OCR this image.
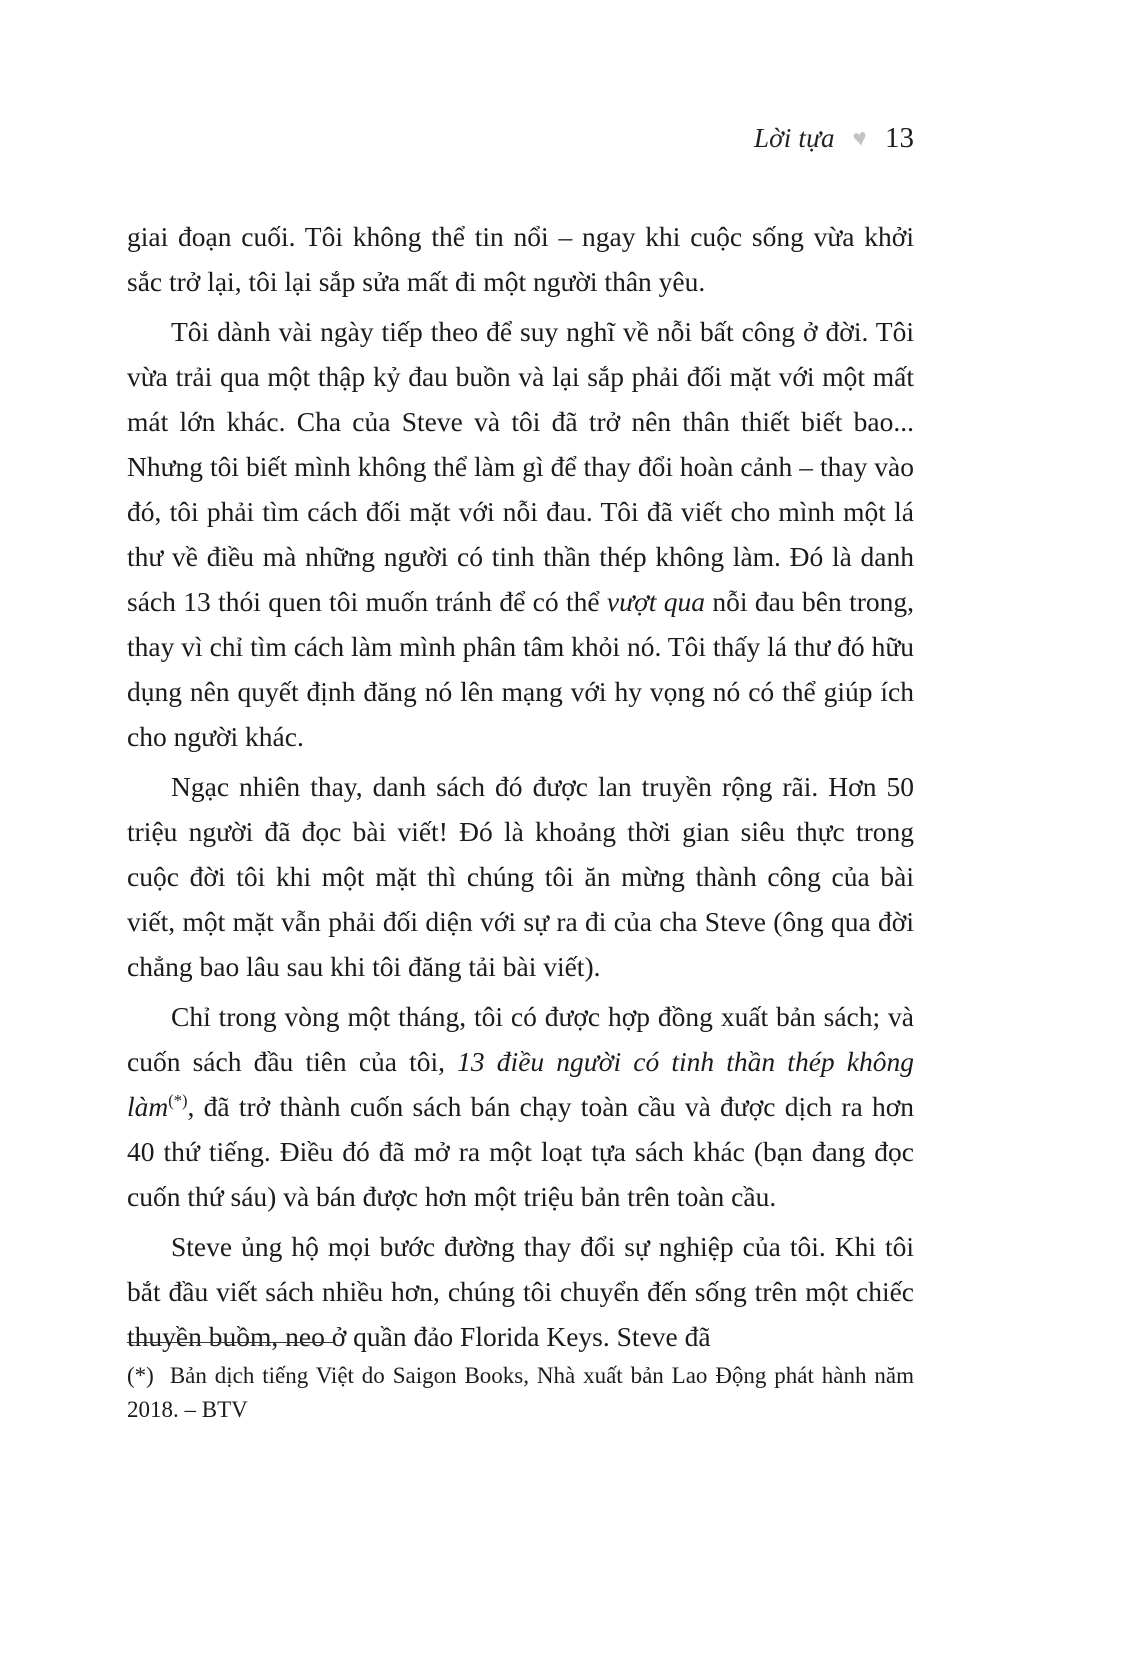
Lời tựa ♥ 13

giai đoạn cuối. Tôi không thể tin nổi – ngay khi cuộc sống vừa khởi sắc trở lại, tôi lại sắp sửa mất đi một người thân yêu.

Tôi dành vài ngày tiếp theo để suy nghĩ về nỗi bất công ở đời. Tôi vừa trải qua một thập kỷ đau buồn và lại sắp phải đối mặt với một mất mát lớn khác. Cha của Steve và tôi đã trở nên thân thiết biết bao... Nhưng tôi biết mình không thể làm gì để thay đổi hoàn cảnh – thay vào đó, tôi phải tìm cách đối mặt với nỗi đau. Tôi đã viết cho mình một lá thư về điều mà những người có tinh thần thép không làm. Đó là danh sách 13 thói quen tôi muốn tránh để có thể vượt qua nỗi đau bên trong, thay vì chỉ tìm cách làm mình phân tâm khỏi nó. Tôi thấy lá thư đó hữu dụng nên quyết định đăng nó lên mạng với hy vọng nó có thể giúp ích cho người khác.

Ngạc nhiên thay, danh sách đó được lan truyền rộng rãi. Hơn 50 triệu người đã đọc bài viết! Đó là khoảng thời gian siêu thực trong cuộc đời tôi khi một mặt thì chúng tôi ăn mừng thành công của bài viết, một mặt vẫn phải đối diện với sự ra đi của cha Steve (ông qua đời chẳng bao lâu sau khi tôi đăng tải bài viết).

Chỉ trong vòng một tháng, tôi có được hợp đồng xuất bản sách; và cuốn sách đầu tiên của tôi, 13 điều người có tinh thần thép không làm(*), đã trở thành cuốn sách bán chạy toàn cầu và được dịch ra hơn 40 thứ tiếng. Điều đó đã mở ra một loạt tựa sách khác (bạn đang đọc cuốn thứ sáu) và bán được hơn một triệu bản trên toàn cầu.

Steve ủng hộ mọi bước đường thay đổi sự nghiệp của tôi. Khi tôi bắt đầu viết sách nhiều hơn, chúng tôi chuyển đến sống trên một chiếc thuyền buồm, neo ở quần đảo Florida Keys. Steve đã

(*) Bản dịch tiếng Việt do Saigon Books, Nhà xuất bản Lao Động phát hành năm 2018. – BTV
